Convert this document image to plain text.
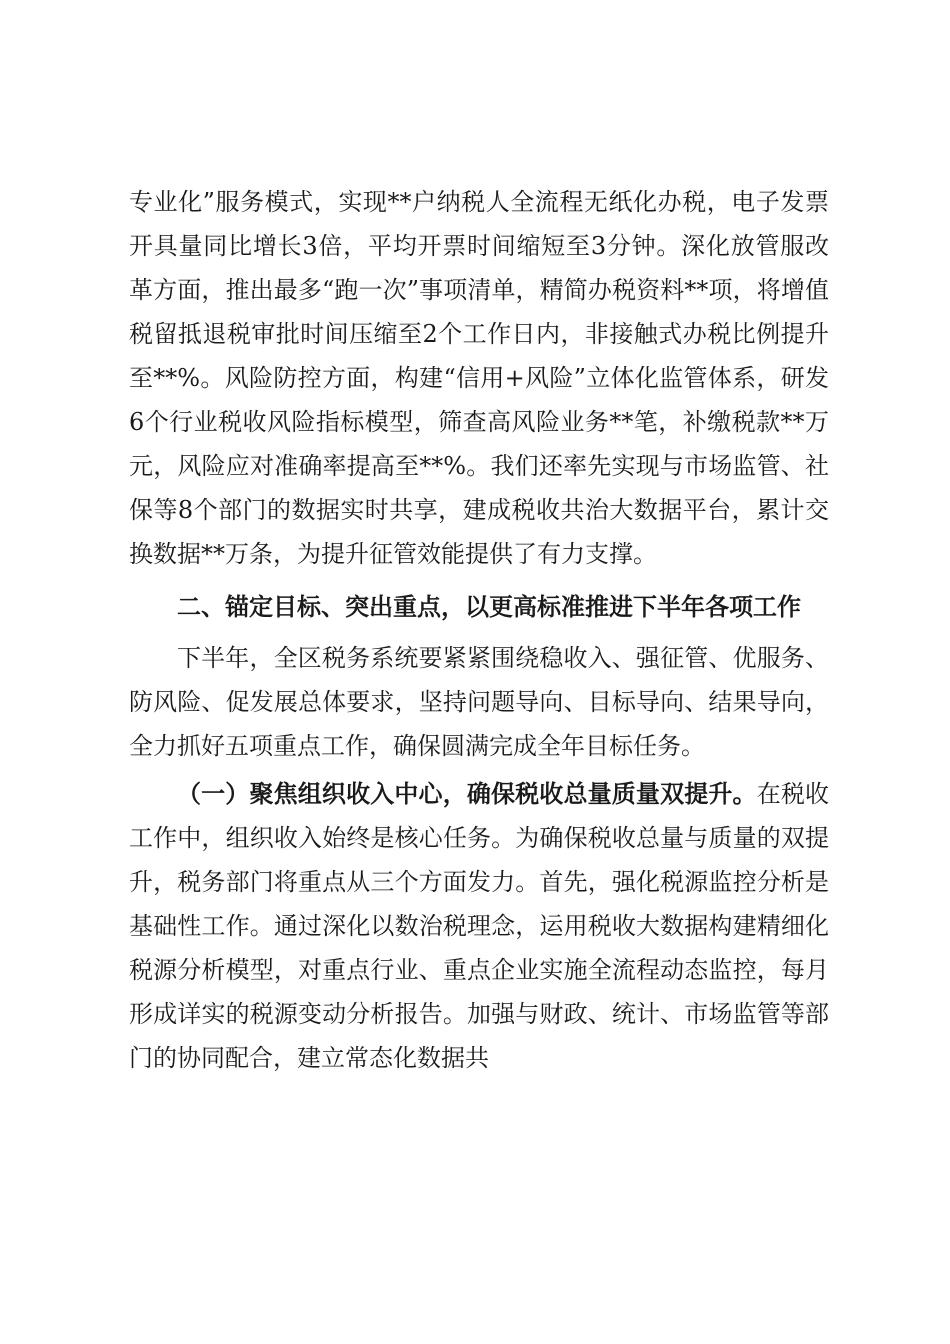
专业化”服务模式，实现**户纳税人全流程无纸化办税，电子发票开具量同比增长3倍，平均开票时间缩短至3分钟。深化放管服改革方面，推出最多“跑一次”事项清单，精简办税资料**项，将增值税留抵退税审批时间压缩至2个工作日内，非接触式办税比例提升至**%。风险防控方面，构建“信用+风险”立体化监管体系，研发6个行业税收风险指标模型，筛查高风险业务**笔，补缴税款**万元，风险应对准确率提高至**%。我们还率先实现与市场监管、社保等8个部门的数据实时共享，建成税收共治大数据平台，累计交换数据**万条，为提升征管效能提供了有力支撑。

二、锚定目标、突出重点，以更高标准推进下半年各项工作

下半年，全区税务系统要紧紧围绕稳收入、强征管、优服务、防风险、促发展总体要求，坚持问题导向、目标导向、结果导向，全力抓好五项重点工作，确保圆满完成全年目标任务。

（一）聚焦组织收入中心，确保税收总量质量双提升。在税收工作中，组织收入始终是核心任务。为确保税收总量与质量的双提升，税务部门将重点从三个方面发力。首先，强化税源监控分析是基础性工作。通过深化以数治税理念，运用税收大数据构建精细化税源分析模型，对重点行业、重点企业实施全流程动态监控，每月形成详实的税源变动分析报告。加强与财政、统计、市场监管等部门的协同配合，建立常态化数据共
